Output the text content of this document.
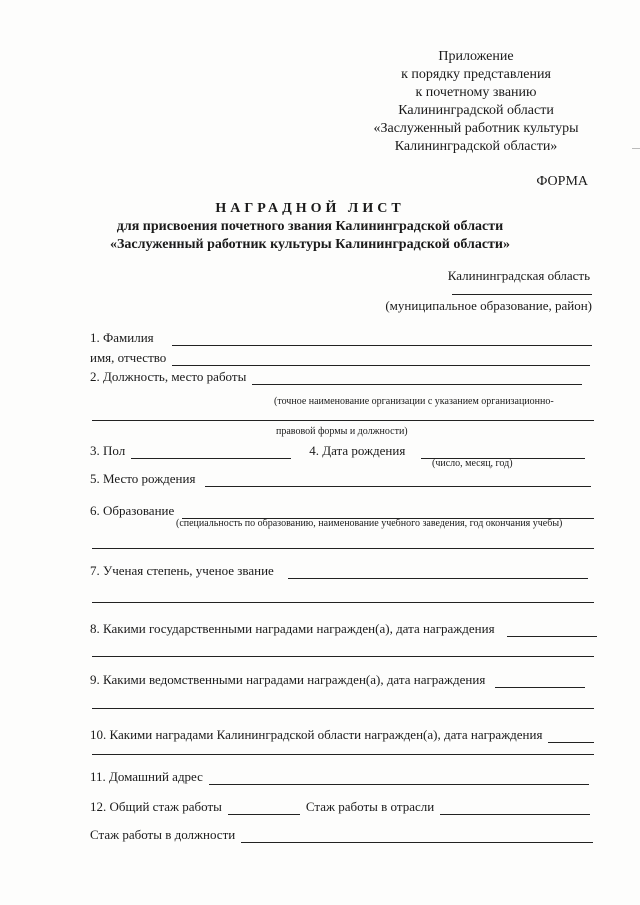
Приложение
к порядку представления
к почетному званию
Калининградской области
«Заслуженный работник культуры
Калининградской области»
ФОРМА
НАГРАДНОЙ ЛИСТ
для присвоения почетного звания Калининградской области
«Заслуженный работник культуры Калининградской области»
Калининградская область
(муниципальное образование, район)
1. Фамилия
имя, отчество
2. Должность, место работы
(точное наименование организации с указанием организационно-
правовой формы и должности)
3. Пол	4. Дата рождения
(число, месяц, год)
5. Место рождения
6. Образование
(специальность по образованию, наименование учебного заведения, год окончания учебы)
7. Ученая степень, ученое звание
8. Какими государственными наградами награжден(а), дата награждения
9. Какими ведомственными наградами награжден(а), дата награждения
10. Какими наградами Калининградской области награжден(а), дата награждения
11. Домашний адрес
12. Общий стаж работы	Стаж работы в отрасли
Стаж работы в должности
